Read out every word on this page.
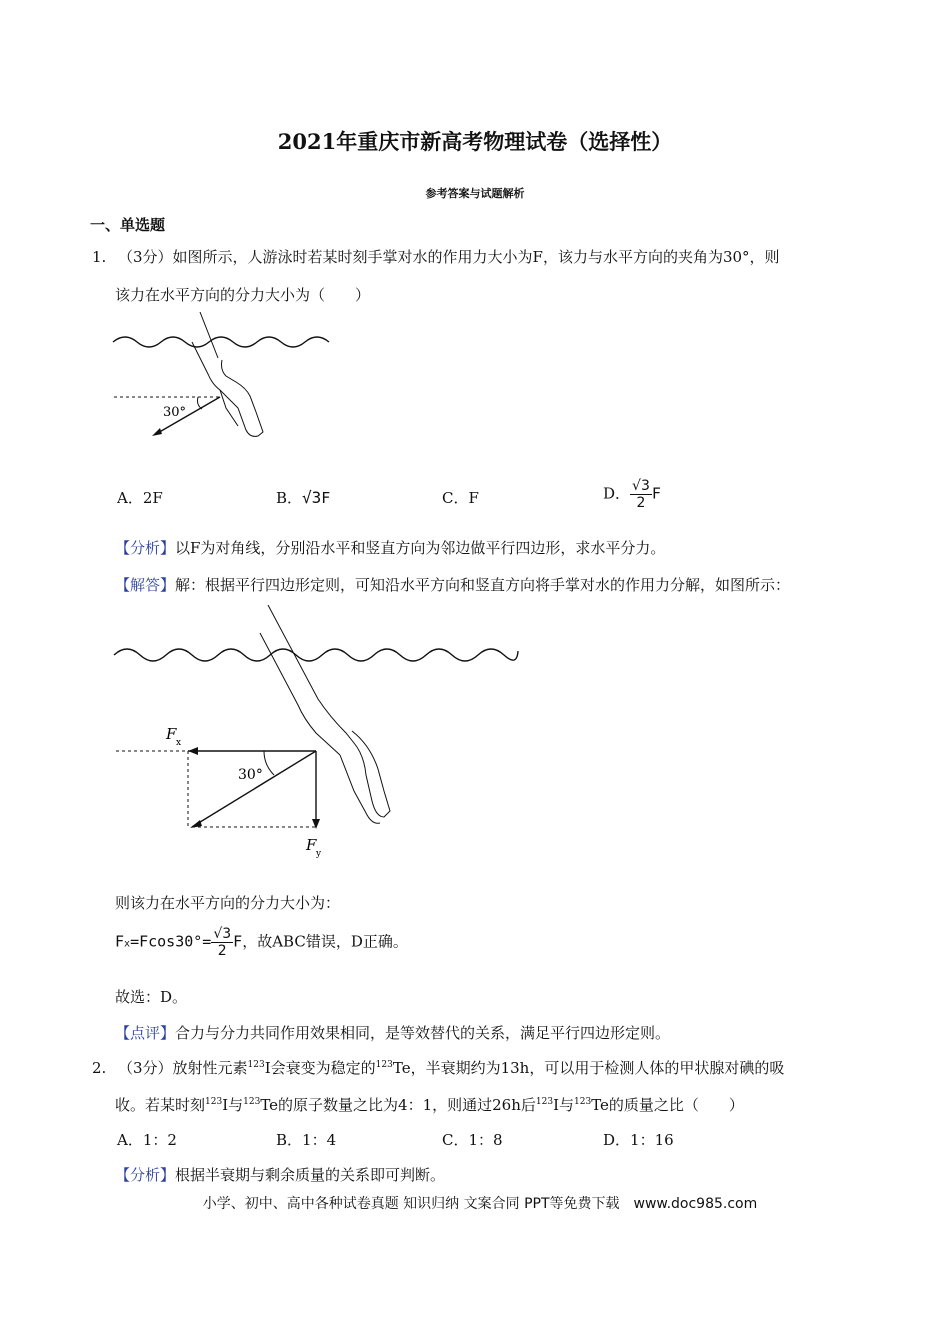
2021年重庆市新高考物理试卷（选择性）
参考答案与试题解析
一、单选题
1. （3分）如图所示，人游泳时若某时刻手掌对水的作用力大小为F，该力与水平方向的夹角为30°，则
该力在水平方向的分力大小为（　　）
30°
A．2F	B．√3F	C．F	D． $\frac{√3}{2}$ F
【分析】以F为对角线，分别沿水平和竖直方向为邻边做平行四边形，求水平分力。
【解答】解：根据平行四边形定则，可知沿水平方向和竖直方向将手掌对水的作用力分解，如图所示：
30°
F x
F y
则该力在水平方向的分力大小为：
$Fx=Fcos30^\circ= \frac{√3}{2}$ F，故ABC错误，D正确。
故选：D。
【点评】合力与分力共同作用效果相同，是等效替代的关系，满足平行四边形定则。
2. （3分）放射性元素$^{123}$I会衰变为稳定的$^{123}$Te，半衰期约为13h，可以用于检测人体的甲状腺对碘的吸
收。若某时刻$^{123}$I与$^{123}$Te的原子数量之比为4：1，则通过26h后$^{123}$I与$^{123}$Te的质量之比（　　）
A．1：2	B．1：4	C．1：8	D．1：16
【分析】根据半衰期与剩余质量的关系即可判断。
小学、初中、高中各种试卷真题 知识归纳 文案合同 PPT等免费下载　www.doc985.com
